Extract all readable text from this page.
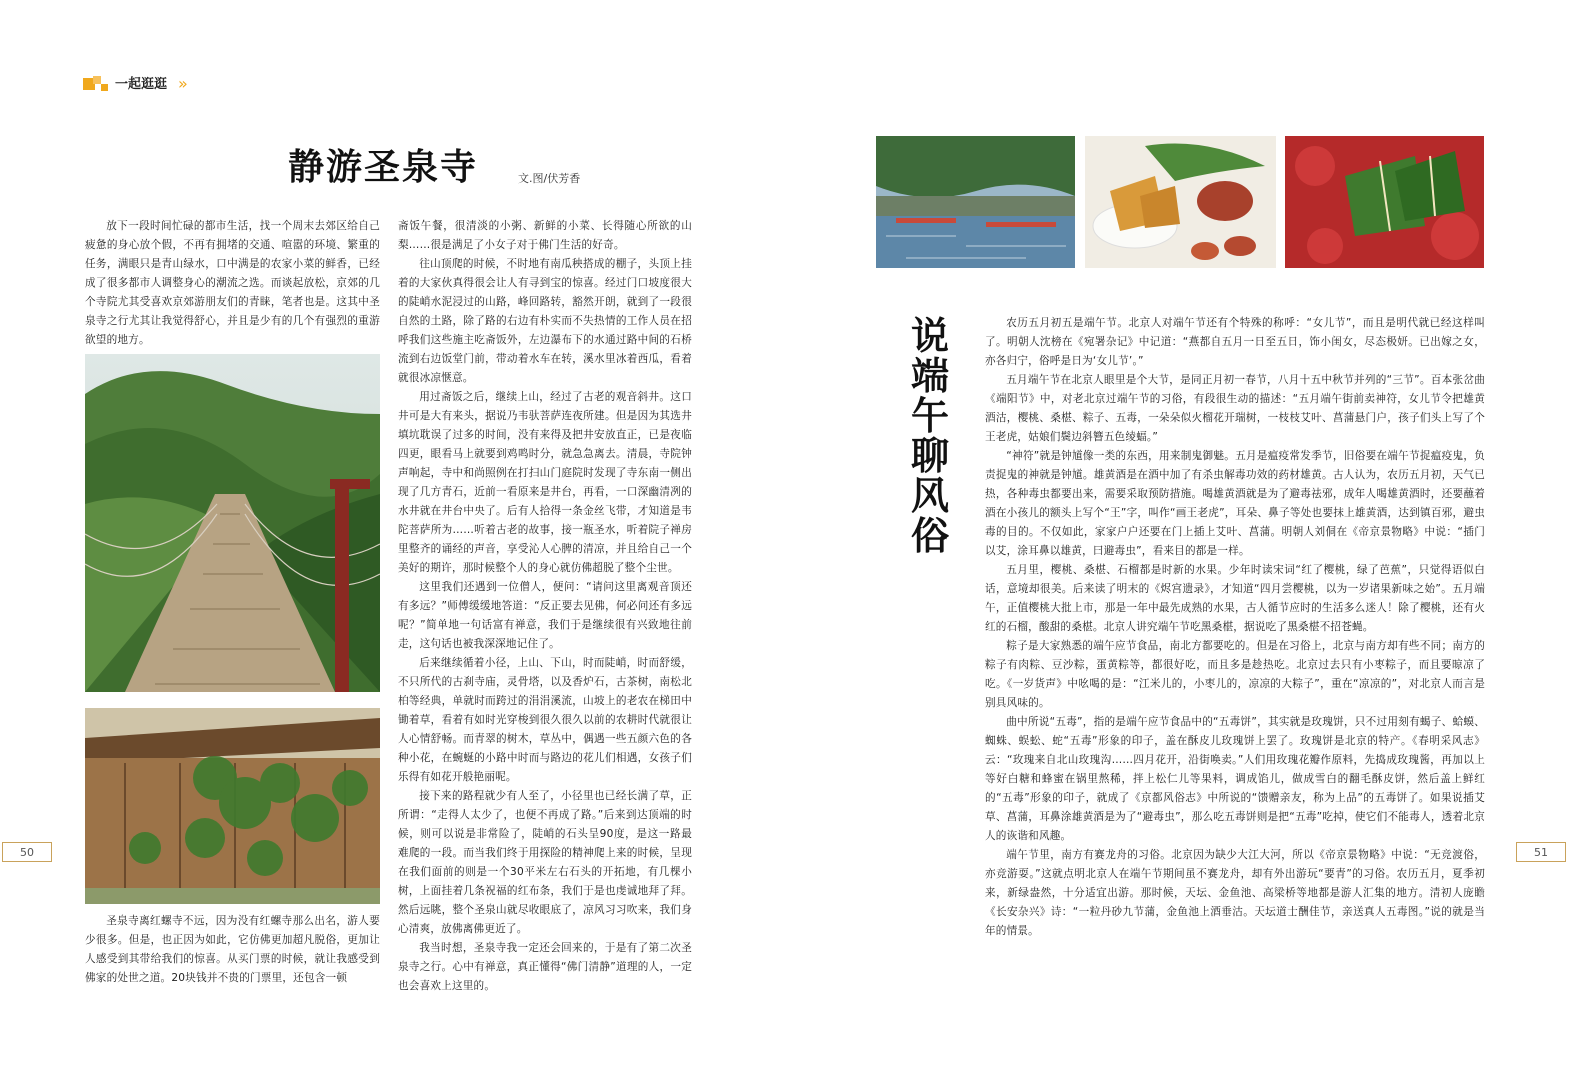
一起逛逛 »
静游圣泉寺	文.图/伏芳香

放下一段时间忙碌的都市生活，找一个周末去郊区给自己疲惫的身心放个假，不再有拥堵的交通、喧嚣的环境、繁重的任务，满眼只是青山绿水，口中满是的农家小菜的鲜香，已经成了很多都市人调整身心的潮流之选。而谈起放松，京郊的几个寺院尤其受喜欢京郊游朋友们的青睐，笔者也是。这其中圣泉寺之行尤其让我觉得舒心，并且是少有的几个有强烈的重游欲望的地方。

圣泉寺离红螺寺不远，因为没有红螺寺那么出名，游人要少很多。但是，也正因为如此，它仿佛更加超凡脱俗，更加让人感受到其带给我们的惊喜。从买门票的时候，就让我感受到佛家的处世之道。20块钱并不贵的门票里，还包含一顿

斋饭午餐，很清淡的小粥、新鲜的小菜、长得随心所欲的山梨……很是满足了小女子对于佛门生活的好奇。

往山顶爬的时候，不时地有南瓜秧搭成的棚子，头顶上挂着的大家伙真得很会让人有寻到宝的惊喜。经过门口坡度很大的陡峭水泥浸过的山路，峰回路转，豁然开朗，就到了一段很自然的土路，除了路的右边有朴实而不失热情的工作人员在招呼我们这些施主吃斋饭外，左边瀑布下的水通过路中间的石桥流到右边饭堂门前，带动着水车在转，溪水里冰着西瓜，看着就很冰凉惬意。

用过斋饭之后，继续上山，经过了古老的观音斜井。这口井可是大有来头，据说乃韦驮菩萨连夜所建。但是因为其选井填坑耽误了过多的时间，没有来得及把井安放直正，已是夜临四更，眼看马上就要到鸡鸣时分，就急急离去。清晨，寺院钟声响起，寺中和尚照例在打扫山门庭院时发现了寺东南一侧出现了几方青石，近前一看原来是井台，再看，一口深幽清冽的水井就在井台中央了。后有人拾得一条金丝飞带，才知道是韦陀菩萨所为……听着古老的故事，接一瓶圣水，听着院子禅房里整齐的诵经的声音，享受沁人心脾的清凉，并且给自己一个美好的期许，那时候整个人的身心就仿佛超脱了整个尘世。

这里我们还遇到一位僧人，便问：“请问这里离观音顶还有多远？”师傅缓缓地答道：“反正要去见佛，何必问还有多远呢？”简单地一句话富有禅意，我们于是继续很有兴致地往前走，这句话也被我深深地记住了。

后来继续循着小径，上山、下山，时而陡峭，时而舒缓，不只所代的古刹寺庙，灵骨塔，以及香炉石，古茶树，南松北柏等经典，单就时而跨过的涓涓溪流，山坡上的老农在梯田中锄着草，看着有如时光穿梭到很久很久以前的农耕时代就很让人心情舒畅。而青翠的树木，草丛中，偶遇一些五颜六色的各种小花，在蜿蜒的小路中时而与路边的花儿们相遇，女孩子们乐得有如花开般艳丽呢。

接下来的路程就少有人至了，小径里也已经长满了草，正所谓：“走得人太少了，也便不再成了路。”后来到达顶端的时候，则可以说是非常险了，陡峭的石头呈90度，是这一路最难爬的一段。而当我们终于用探险的精神爬上来的时候，呈现在我们面前的则是一个30平米左右石头的开拓地，有几棵小树，上面挂着几条祝福的红布条，我们于是也虔诚地拜了拜。然后远眺，整个圣泉山就尽收眼底了，凉风习习吹来，我们身心清爽，放佛离佛更近了。

我当时想，圣泉寺我一定还会回来的，于是有了第二次圣泉寺之行。心中有禅意，真正懂得“佛门清静”道理的人，一定也会喜欢上这里的。

说端午聊风俗

农历五月初五是端午节。北京人对端午节还有个特殊的称呼：“女儿节”，而且是明代就已经这样叫了。明朝人沈榜在《宛署杂记》中记道：“燕都自五月一日至五日，饰小闺女，尽态极妍。已出嫁之女，亦各归宁，俗呼是日为‘女儿节’。”

五月端午节在北京人眼里是个大节，是同正月初一春节，八月十五中秋节并列的“三节”。百本张岔曲《端阳节》中，对老北京过端午节的习俗，有段很生动的描述：“五月端午街前卖神符，女儿节令把雄黄酒沽，樱桃、桑椹、粽子、五毒，一朵朵似火榴花开瑞树，一枝枝艾叶、菖蒲悬门户，孩子们头上写了个王老虎，姑娘们鬓边斜簪五色绫蝠。”

“神符”就是钟馗像一类的东西，用来制鬼御魅。五月是瘟疫常发季节，旧俗要在端午节捉瘟疫鬼，负责捉鬼的神就是钟馗。雄黄酒是在酒中加了有杀虫解毒功效的药材雄黄。古人认为，农历五月初，天气已热，各种毒虫都要出来，需要采取预防措施。喝雄黄酒就是为了避毒祛邪，成年人喝雄黄酒时，还要蘸着酒在小孩儿的额头上写个“王”字，叫作“画王老虎”，耳朵、鼻子等处也要抹上雄黄酒，达到镇百邪，避虫毒的目的。不仅如此，家家户户还要在门上插上艾叶、菖蒲。明朝人刘侗在《帝京景物略》中说：“插门以艾，涂耳鼻以雄黄，曰避毒虫”，看来目的都是一样。

五月里，樱桃、桑椹、石榴都是时新的水果。少年时读宋词“红了樱桃，绿了芭蕉”，只觉得语似白话，意境却很美。后来读了明末的《烬宫遗录》，才知道“四月尝樱桃，以为一岁诸果新味之始”。五月端午，正值樱桃大批上市，那是一年中最先成熟的水果，古人循节应时的生活多么迷人！除了樱桃，还有火红的石榴，酸甜的桑椹。北京人讲究端午节吃黑桑椹，据说吃了黑桑椹不招苍蝇。

粽子是大家熟悉的端午应节食品，南北方都要吃的。但是在习俗上，北京与南方却有些不同；南方的粽子有肉粽、豆沙粽，蛋黄粽等，都很好吃，而且多是趁热吃。北京过去只有小枣粽子，而且要晾凉了吃。《一岁货声》中吆喝的是：“江米儿的，小枣儿的，凉凉的大粽子”，重在“凉凉的”，对北京人而言是别具风味的。

曲中所说“五毒”，指的是端午应节食品中的“五毒饼”，其实就是玫瑰饼，只不过用刻有蝎子、蛤蟆、蜘蛛、蜈蚣、蛇“五毒”形象的印子，盖在酥皮儿玫瑰饼上罢了。玫瑰饼是北京的特产。《春明采风志》云：“玫瑰来自北山玫瑰沟……四月花开，沿街唤卖。”人们用玫瑰花瓣作原料，先捣成玫瑰酱，再加以上等好白糖和蜂蜜在锅里熬稀，拌上松仁儿等果料，调成馅儿，做成雪白的翻毛酥皮饼，然后盖上鲜红的“五毒”形象的印子，就成了《京都风俗志》中所说的“馈赠亲友，称为上品”的五毒饼了。如果说插艾草、菖蒲，耳鼻涂雄黄酒是为了“避毒虫”，那么吃五毒饼则是把“五毒”吃掉，使它们不能毒人，透着北京人的诙谐和风趣。

端午节里，南方有赛龙舟的习俗。北京因为缺少大江大河，所以《帝京景物略》中说：“无竞渡俗，亦竞游耍。”这就点明北京人在端午节期间虽不赛龙舟，却有外出游玩“要青”的习俗。农历五月，夏季初来，新绿盎然，十分适宜出游。那时候，天坛、金鱼池、高梁桥等地都是游人汇集的地方。清初人庞瞻《长安杂兴》诗：“一粒丹砂九节蒲，金鱼池上酒垂沽。天坛道士酬佳节，亲送真人五毒图。”说的就是当年的情景。

50	51
